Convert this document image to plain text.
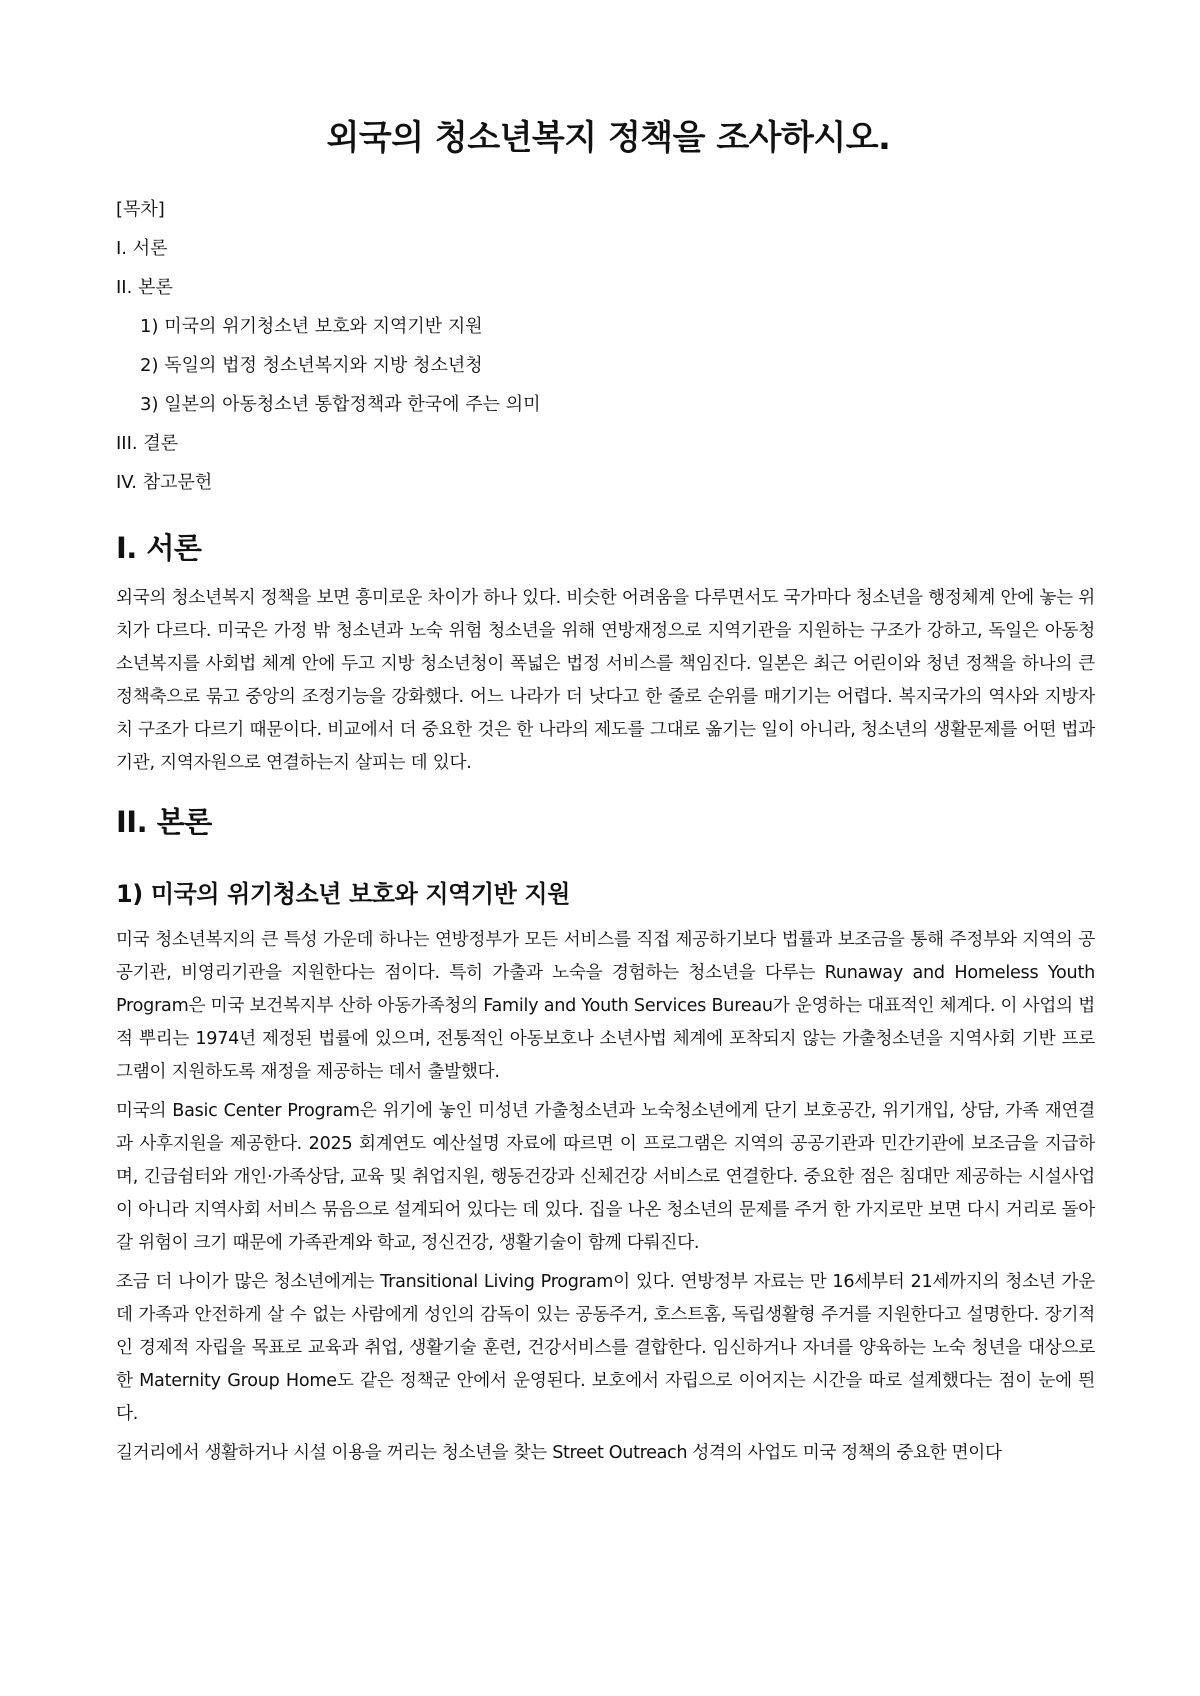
외국의 청소년복지 정책을 조사하시오.
[목차]
I. 서론
II. 본론
1) 미국의 위기청소년 보호와 지역기반 지원
2) 독일의 법정 청소년복지와 지방 청소년청
3) 일본의 아동청소년 통합정책과 한국에 주는 의미
III. 결론
IV. 참고문헌
I. 서론

외국의 청소년복지 정책을 보면 흥미로운 차이가 하나 있다. 비슷한 어려움을 다루면서도 국가마다 청소년을 행정체계 안에 놓는 위치가 다르다. 미국은 가정 밖 청소년과 노숙 위험 청소년을 위해 연방재정으로 지역기관을 지원하는 구조가 강하고, 독일은 아동청소년복지를 사회법 체계 안에 두고 지방 청소년청이 폭넓은 법정 서비스를 책임진다. 일본은 최근 어린이와 청년 정책을 하나의 큰 정책축으로 묶고 중앙의 조정기능을 강화했다. 어느 나라가 더 낫다고 한 줄로 순위를 매기기는 어렵다. 복지국가의 역사와 지방자치 구조가 다르기 때문이다. 비교에서 더 중요한 것은 한 나라의 제도를 그대로 옮기는 일이 아니라, 청소년의 생활문제를 어떤 법과 기관, 지역자원으로 연결하는지 살피는 데 있다.

II. 본론
1) 미국의 위기청소년 보호와 지역기반 지원

미국 청소년복지의 큰 특성 가운데 하나는 연방정부가 모든 서비스를 직접 제공하기보다 법률과 보조금을 통해 주정부와 지역의 공공기관, 비영리기관을 지원한다는 점이다. 특히 가출과 노숙을 경험하는 청소년을 다루는 Runaway and Homeless Youth Program은 미국 보건복지부 산하 아동가족청의 Family and Youth Services Bureau가 운영하는 대표적인 체계다. 이 사업의 법적 뿌리는 1974년 제정된 법률에 있으며, 전통적인 아동보호나 소년사법 체계에 포착되지 않는 가출청소년을 지역사회 기반 프로그램이 지원하도록 재정을 제공하는 데서 출발했다.

미국의 Basic Center Program은 위기에 놓인 미성년 가출청소년과 노숙청소년에게 단기 보호공간, 위기개입, 상담, 가족 재연결과 사후지원을 제공한다. 2025 회계연도 예산설명 자료에 따르면 이 프로그램은 지역의 공공기관과 민간기관에 보조금을 지급하며, 긴급쉼터와 개인·가족상담, 교육 및 취업지원, 행동건강과 신체건강 서비스로 연결한다. 중요한 점은 침대만 제공하는 시설사업이 아니라 지역사회 서비스 묶음으로 설계되어 있다는 데 있다. 집을 나온 청소년의 문제를 주거 한 가지로만 보면 다시 거리로 돌아갈 위험이 크기 때문에 가족관계와 학교, 정신건강, 생활기술이 함께 다뤄진다.

조금 더 나이가 많은 청소년에게는 Transitional Living Program이 있다. 연방정부 자료는 만 16세부터 21세까지의 청소년 가운데 가족과 안전하게 살 수 없는 사람에게 성인의 감독이 있는 공동주거, 호스트홈, 독립생활형 주거를 지원한다고 설명한다. 장기적인 경제적 자립을 목표로 교육과 취업, 생활기술 훈련, 건강서비스를 결합한다. 임신하거나 자녀를 양육하는 노숙 청년을 대상으로 한 Maternity Group Home도 같은 정책군 안에서 운영된다. 보호에서 자립으로 이어지는 시간을 따로 설계했다는 점이 눈에 띈다.

길거리에서 생활하거나 시설 이용을 꺼리는 청소년을 찾는 Street Outreach 성격의 사업도 미국 정책의 중요한 면이다
